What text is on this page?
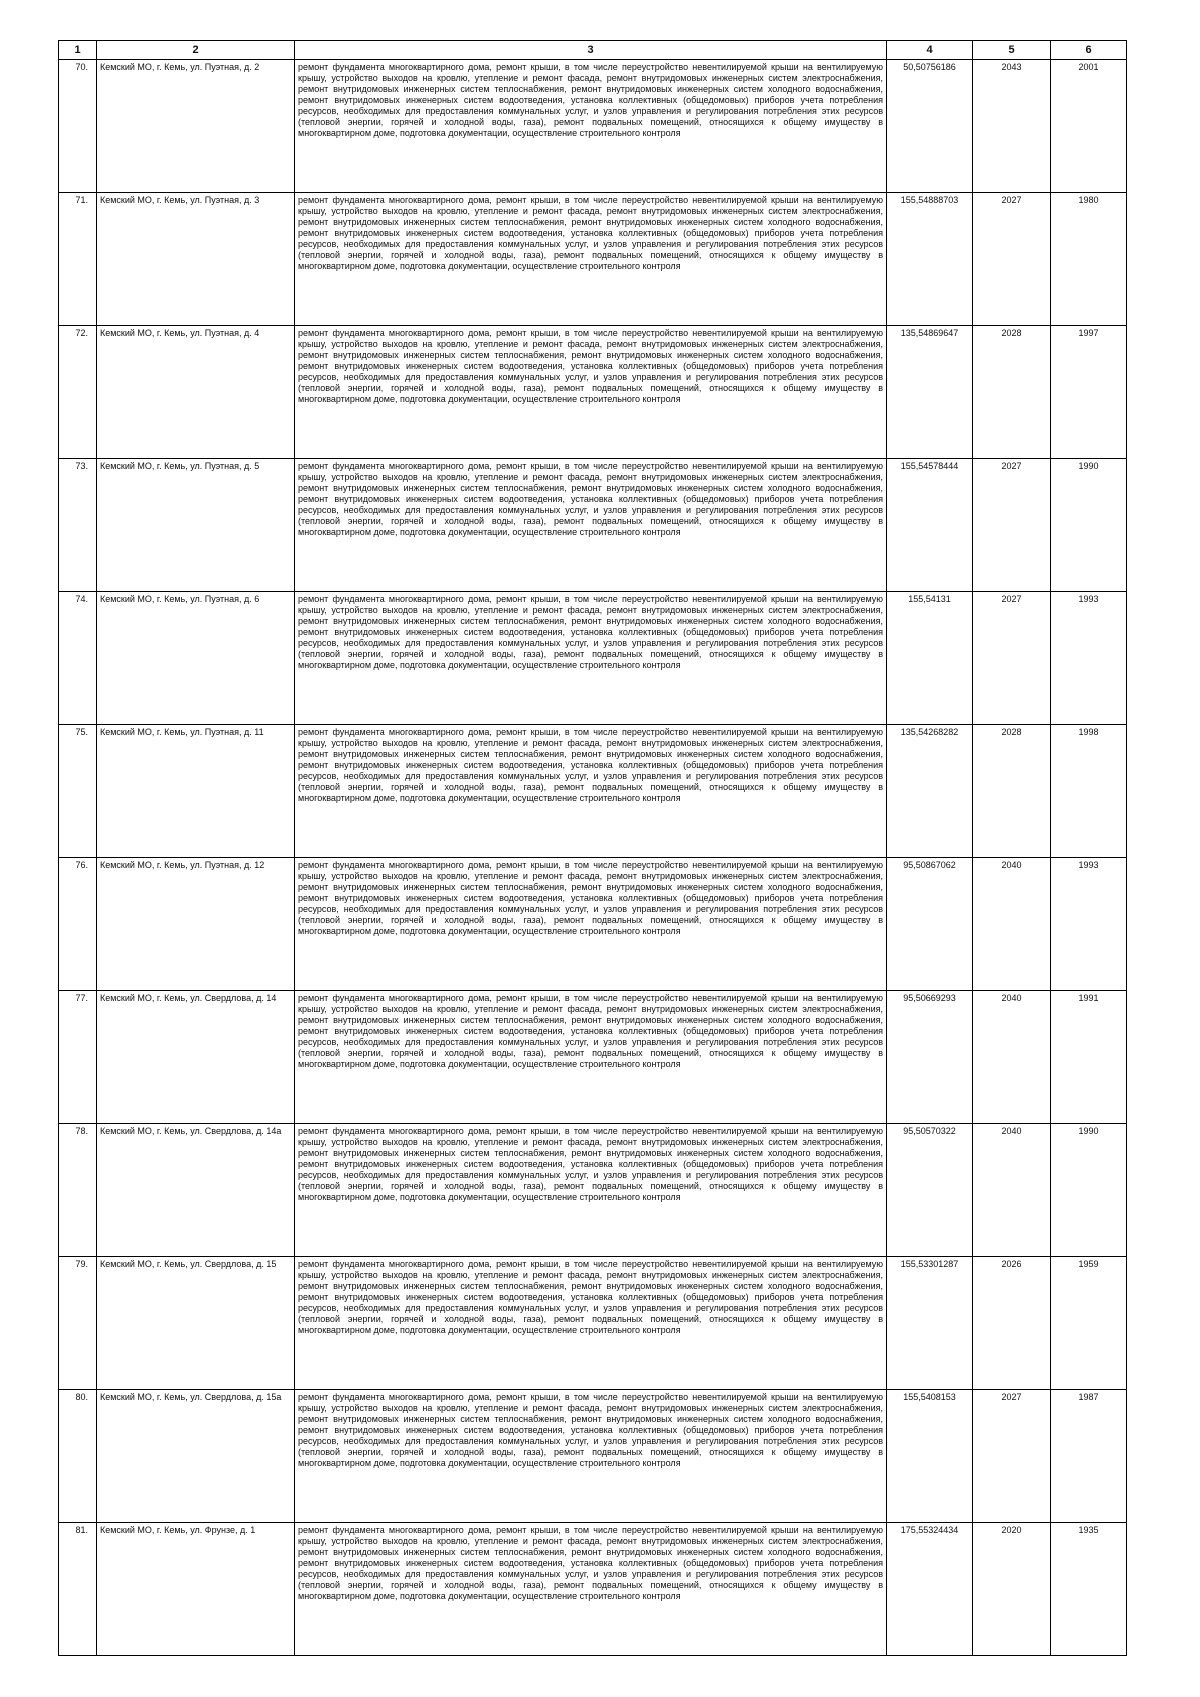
1	2	3	4	5	6
70.	Кемский МО, г. Кемь, ул. Пуэтная, д. 2	ремонт фундамента многоквартирного дома, ремонт крыши, в том числе переустройство невентилируемой крыши на вентилируемую крышу, устройство выходов на кровлю, утепление и ремонт фасада, ремонт внутридомовых инженерных систем электроснабжения, ремонт внутридомовых инженерных систем теплоснабжения, ремонт внутридомовых инженерных систем холодного водоснабжения, ремонт внутридомовых инженерных систем водоотведения, установка коллективных (общедомовых) приборов учета потребления ресурсов, необходимых для предоставления коммунальных услуг, и узлов управления и регулирования потребления этих ресурсов (тепловой энергии, горячей и холодной воды, газа), ремонт подвальных помещений, относящихся к общему имуществу в многоквартирном доме, подготовка документации, осуществление строительного контроля	50,50756186	2043	2001
71.	Кемский МО, г. Кемь, ул. Пуэтная, д. 3	ремонт фундамента многоквартирного дома, ремонт крыши, в том числе переустройство невентилируемой крыши на вентилируемую крышу, устройство выходов на кровлю, утепление и ремонт фасада, ремонт внутридомовых инженерных систем электроснабжения, ремонт внутридомовых инженерных систем теплоснабжения, ремонт внутридомовых инженерных систем холодного водоснабжения, ремонт внутридомовых инженерных систем водоотведения, установка коллективных (общедомовых) приборов учета потребления ресурсов, необходимых для предоставления коммунальных услуг, и узлов управления и регулирования потребления этих ресурсов (тепловой энергии, горячей и холодной воды, газа), ремонт подвальных помещений, относящихся к общему имуществу в многоквартирном доме, подготовка документации, осуществление строительного контроля	155,54888703	2027	1980
72.	Кемский МО, г. Кемь, ул. Пуэтная, д. 4	ремонт фундамента многоквартирного дома, ремонт крыши, в том числе переустройство невентилируемой крыши на вентилируемую крышу, устройство выходов на кровлю, утепление и ремонт фасада, ремонт внутридомовых инженерных систем электроснабжения, ремонт внутридомовых инженерных систем теплоснабжения, ремонт внутридомовых инженерных систем холодного водоснабжения, ремонт внутридомовых инженерных систем водоотведения, установка коллективных (общедомовых) приборов учета потребления ресурсов, необходимых для предоставления коммунальных услуг, и узлов управления и регулирования потребления этих ресурсов (тепловой энергии, горячей и холодной воды, газа), ремонт подвальных помещений, относящихся к общему имуществу в многоквартирном доме, подготовка документации, осуществление строительного контроля	135,54869647	2028	1997
73.	Кемский МО, г. Кемь, ул. Пуэтная, д. 5	ремонт фундамента многоквартирного дома, ремонт крыши, в том числе переустройство невентилируемой крыши на вентилируемую крышу, устройство выходов на кровлю, утепление и ремонт фасада, ремонт внутридомовых инженерных систем электроснабжения, ремонт внутридомовых инженерных систем теплоснабжения, ремонт внутридомовых инженерных систем холодного водоснабжения, ремонт внутридомовых инженерных систем водоотведения, установка коллективных (общедомовых) приборов учета потребления ресурсов, необходимых для предоставления коммунальных услуг, и узлов управления и регулирования потребления этих ресурсов (тепловой энергии, горячей и холодной воды, газа), ремонт подвальных помещений, относящихся к общему имуществу в многоквартирном доме, подготовка документации, осуществление строительного контроля	155,54578444	2027	1990
74.	Кемский МО, г. Кемь, ул. Пуэтная, д. 6	ремонт фундамента многоквартирного дома, ремонт крыши, в том числе переустройство невентилируемой крыши на вентилируемую крышу, устройство выходов на кровлю, утепление и ремонт фасада, ремонт внутридомовых инженерных систем электроснабжения, ремонт внутридомовых инженерных систем теплоснабжения, ремонт внутридомовых инженерных систем холодного водоснабжения, ремонт внутридомовых инженерных систем водоотведения, установка коллективных (общедомовых) приборов учета потребления ресурсов, необходимых для предоставления коммунальных услуг, и узлов управления и регулирования потребления этих ресурсов (тепловой энергии, горячей и холодной воды, газа), ремонт подвальных помещений, относящихся к общему имуществу в многоквартирном доме, подготовка документации, осуществление строительного контроля	155,54131	2027	1993
75.	Кемский МО, г. Кемь, ул. Пуэтная, д. 11	ремонт фундамента многоквартирного дома, ремонт крыши, в том числе переустройство невентилируемой крыши на вентилируемую крышу, устройство выходов на кровлю, утепление и ремонт фасада, ремонт внутридомовых инженерных систем электроснабжения, ремонт внутридомовых инженерных систем теплоснабжения, ремонт внутридомовых инженерных систем холодного водоснабжения, ремонт внутридомовых инженерных систем водоотведения, установка коллективных (общедомовых) приборов учета потребления ресурсов, необходимых для предоставления коммунальных услуг, и узлов управления и регулирования потребления этих ресурсов (тепловой энергии, горячей и холодной воды, газа), ремонт подвальных помещений, относящихся к общему имуществу в многоквартирном доме, подготовка документации, осуществление строительного контроля	135,54268282	2028	1998
76.	Кемский МО, г. Кемь, ул. Пуэтная, д. 12	ремонт фундамента многоквартирного дома, ремонт крыши, в том числе переустройство невентилируемой крыши на вентилируемую крышу, устройство выходов на кровлю, утепление и ремонт фасада, ремонт внутридомовых инженерных систем электроснабжения, ремонт внутридомовых инженерных систем теплоснабжения, ремонт внутридомовых инженерных систем холодного водоснабжения, ремонт внутридомовых инженерных систем водоотведения, установка коллективных (общедомовых) приборов учета потребления ресурсов, необходимых для предоставления коммунальных услуг, и узлов управления и регулирования потребления этих ресурсов (тепловой энергии, горячей и холодной воды, газа), ремонт подвальных помещений, относящихся к общему имуществу в многоквартирном доме, подготовка документации, осуществление строительного контроля	95,50867062	2040	1993
77.	Кемский МО, г. Кемь, ул. Свердлова, д. 14	ремонт фундамента многоквартирного дома, ремонт крыши, в том числе переустройство невентилируемой крыши на вентилируемую крышу, устройство выходов на кровлю, утепление и ремонт фасада, ремонт внутридомовых инженерных систем электроснабжения, ремонт внутридомовых инженерных систем теплоснабжения, ремонт внутридомовых инженерных систем холодного водоснабжения, ремонт внутридомовых инженерных систем водоотведения, установка коллективных (общедомовых) приборов учета потребления ресурсов, необходимых для предоставления коммунальных услуг, и узлов управления и регулирования потребления этих ресурсов (тепловой энергии, горячей и холодной воды, газа), ремонт подвальных помещений, относящихся к общему имуществу в многоквартирном доме, подготовка документации, осуществление строительного контроля	95,50669293	2040	1991
78.	Кемский МО, г. Кемь, ул. Свердлова, д. 14а	ремонт фундамента многоквартирного дома, ремонт крыши, в том числе переустройство невентилируемой крыши на вентилируемую крышу, устройство выходов на кровлю, утепление и ремонт фасада, ремонт внутридомовых инженерных систем электроснабжения, ремонт внутридомовых инженерных систем теплоснабжения, ремонт внутридомовых инженерных систем холодного водоснабжения, ремонт внутридомовых инженерных систем водоотведения, установка коллективных (общедомовых) приборов учета потребления ресурсов, необходимых для предоставления коммунальных услуг, и узлов управления и регулирования потребления этих ресурсов (тепловой энергии, горячей и холодной воды, газа), ремонт подвальных помещений, относящихся к общему имуществу в многоквартирном доме, подготовка документации, осуществление строительного контроля	95,50570322	2040	1990
79.	Кемский МО, г. Кемь, ул. Свердлова, д. 15	ремонт фундамента многоквартирного дома, ремонт крыши, в том числе переустройство невентилируемой крыши на вентилируемую крышу, устройство выходов на кровлю, утепление и ремонт фасада, ремонт внутридомовых инженерных систем электроснабжения, ремонт внутридомовых инженерных систем теплоснабжения, ремонт внутридомовых инженерных систем холодного водоснабжения, ремонт внутридомовых инженерных систем водоотведения, установка коллективных (общедомовых) приборов учета потребления ресурсов, необходимых для предоставления коммунальных услуг, и узлов управления и регулирования потребления этих ресурсов (тепловой энергии, горячей и холодной воды, газа), ремонт подвальных помещений, относящихся к общему имуществу в многоквартирном доме, подготовка документации, осуществление строительного контроля	155,53301287	2026	1959
80.	Кемский МО, г. Кемь, ул. Свердлова, д. 15а	ремонт фундамента многоквартирного дома, ремонт крыши, в том числе переустройство невентилируемой крыши на вентилируемую крышу, устройство выходов на кровлю, утепление и ремонт фасада, ремонт внутридомовых инженерных систем электроснабжения, ремонт внутридомовых инженерных систем теплоснабжения, ремонт внутридомовых инженерных систем холодного водоснабжения, ремонт внутридомовых инженерных систем водоотведения, установка коллективных (общедомовых) приборов учета потребления ресурсов, необходимых для предоставления коммунальных услуг, и узлов управления и регулирования потребления этих ресурсов (тепловой энергии, горячей и холодной воды, газа), ремонт подвальных помещений, относящихся к общему имуществу в многоквартирном доме, подготовка документации, осуществление строительного контроля	155,5408153	2027	1987
81.	Кемский МО, г. Кемь, ул. Фрунзе, д. 1	ремонт фундамента многоквартирного дома, ремонт крыши, в том числе переустройство невентилируемой крыши на вентилируемую крышу, устройство выходов на кровлю, утепление и ремонт фасада, ремонт внутридомовых инженерных систем электроснабжения, ремонт внутридомовых инженерных систем теплоснабжения, ремонт внутридомовых инженерных систем холодного водоснабжения, ремонт внутридомовых инженерных систем водоотведения, установка коллективных (общедомовых) приборов учета потребления ресурсов, необходимых для предоставления коммунальных услуг, и узлов управления и регулирования потребления этих ресурсов (тепловой энергии, горячей и холодной воды, газа), ремонт подвальных помещений, относящихся к общему имуществу в многоквартирном доме, подготовка документации, осуществление строительного контроля	175,55324434	2020	1935
